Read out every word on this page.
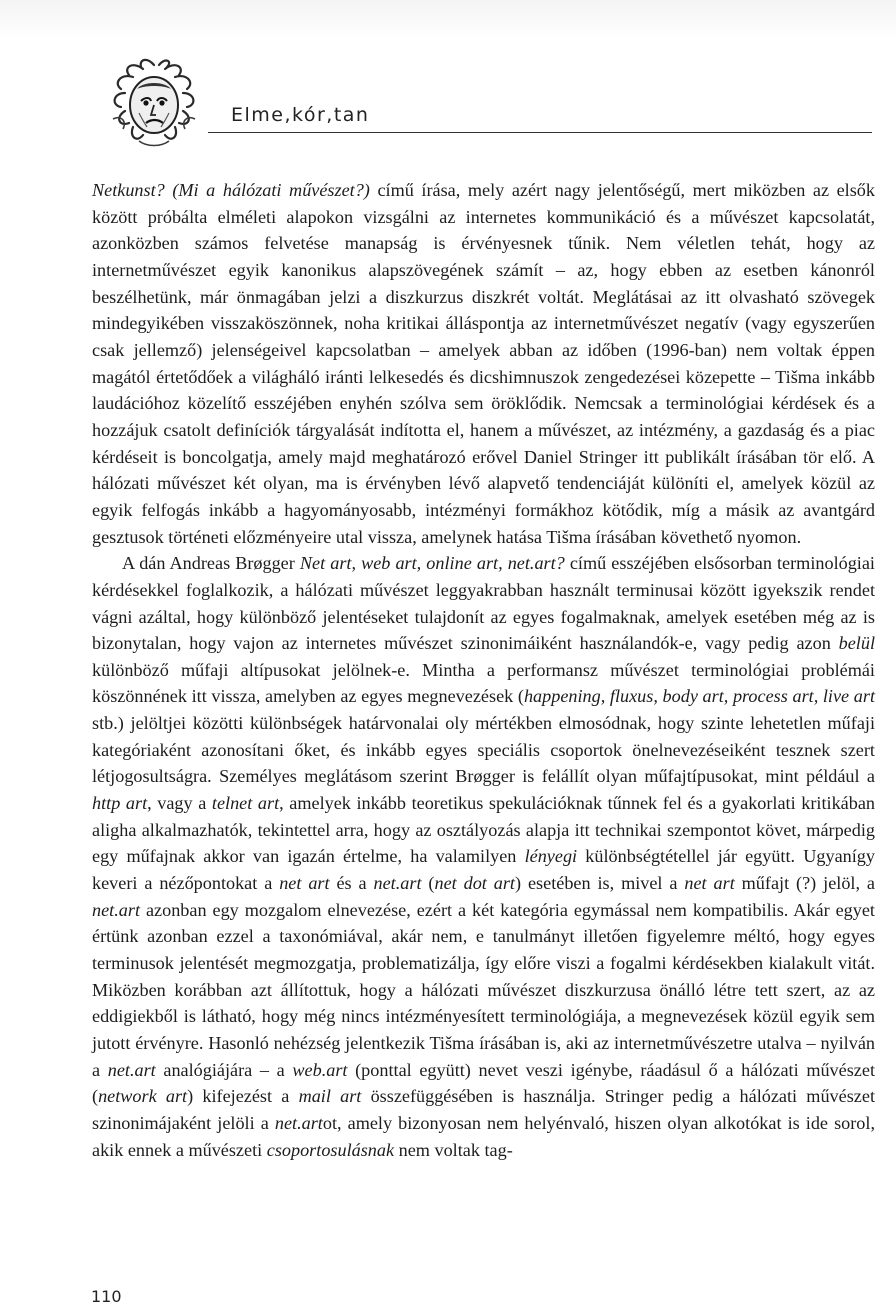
Elme,kór,tan

Netkunst? (Mi a hálózati művészet?) című írása, mely azért nagy jelentőségű, mert miközben az elsők között próbálta elméleti alapokon vizsgálni az internetes kommunikáció és a művészet kapcsolatát, azonközben számos felvetése manapság is érvényesnek tűnik. Nem véletlen tehát, hogy az internetművészet egyik kanonikus alapszövegének számít – az, hogy ebben az esetben kánonról beszélhetünk, már önmagában jelzi a diszkurzus diszkrét voltát. Meglátásai az itt olvasható szövegek mindegyikében visszaköszönnek, noha kritikai álláspontja az internetművészet negatív (vagy egyszerűen csak jellemző) jelenségeivel kapcsolatban – amelyek abban az időben (1996-ban) nem voltak éppen magától értetődőek a világháló iránti lelkesedés és dicshimnuszok zengedezései közepette – Tišma inkább laudációhoz közelítő esszéjében enyhén szólva sem öröklődik. Nemcsak a terminológiai kérdések és a hozzájuk csatolt definíciók tárgyalását indította el, hanem a művészet, az intézmény, a gazdaság és a piac kérdéseit is boncolgatja, amely majd meghatározó erővel Daniel Stringer itt publikált írásában tör elő. A hálózati művészet két olyan, ma is érvényben lévő alapvető tendenciáját különíti el, amelyek közül az egyik felfogás inkább a hagyományosabb, intézményi formákhoz kötődik, míg a másik az avantgárd gesztusok történeti előzményeire utal vissza, amelynek hatása Tišma írásában követhető nyomon.

A dán Andreas Brøgger Net art, web art, online art, net.art? című esszéjében elsősorban terminológiai kérdésekkel foglalkozik, a hálózati művészet leggyakrabban használt terminusai között igyekszik rendet vágni azáltal, hogy különböző jelentéseket tulajdonít az egyes fogalmaknak, amelyek esetében még az is bizonytalan, hogy vajon az internetes művészet szinonimáiként használandók-e, vagy pedig azon belül különböző műfaji altípusokat jelölnek-e. Mintha a performansz művészet terminológiai problémái köszönnének itt vissza, amelyben az egyes megnevezések (happening, fluxus, body art, process art, live art stb.) jelöltjei közötti különbségek határvonalai oly mértékben elmosódnak, hogy szinte lehetetlen műfaji kategóriaként azonosítani őket, és inkább egyes speciális csoportok önelnevezéseiként tesznek szert létjogosultságra. Személyes meglátásom szerint Brøgger is felállít olyan műfajtípusokat, mint például a http art, vagy a telnet art, amelyek inkább teoretikus spekulációknak tűnnek fel és a gyakorlati kritikában aligha alkalmazhatók, tekintettel arra, hogy az osztályozás alapja itt technikai szempontot követ, márpedig egy műfajnak akkor van igazán értelme, ha valamilyen lényegi különbségtétellel jár együtt. Ugyanígy keveri a nézőpontokat a net art és a net.art (net dot art) esetében is, mivel a net art műfajt (?) jelöl, a net.art azonban egy mozgalom elnevezése, ezért a két kategória egymással nem kompatibilis. Akár egyet értünk azonban ezzel a taxonómiával, akár nem, e tanulmányt illetően figyelemre méltó, hogy egyes terminusok jelentését megmozgatja, problematizálja, így előre viszi a fogalmi kérdésekben kialakult vitát. Miközben korábban azt állítottuk, hogy a hálózati művészet diszkurzusa önálló létre tett szert, az az eddigiekből is látható, hogy még nincs intézményesített terminológiája, a megnevezések közül egyik sem jutott érvényre. Hasonló nehézség jelentkezik Tišma írásában is, aki az internetművészetre utalva – nyilván a net.art analógiájára – a web.art (ponttal együtt) nevet veszi igénybe, ráadásul ő a hálózati művészet (network art) kifejezést a mail art összefüggésében is használja. Stringer pedig a hálózati művészet szinonimájaként jelöli a net.artot, amely bizonyosan nem helyénvaló, hiszen olyan alkotókat is ide sorol, akik ennek a művészeti csoportosulásnak nem voltak tag-

110
